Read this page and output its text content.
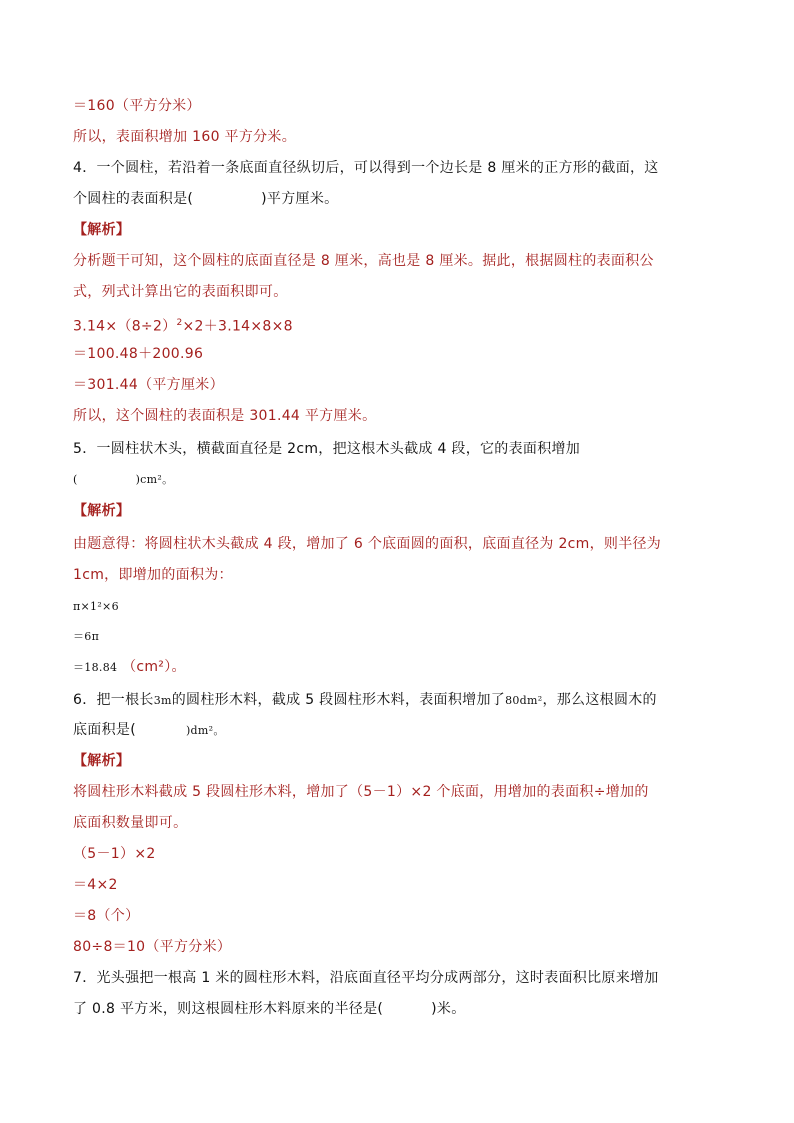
＝160（平方分米）

所以，表面积增加 160 平方分米。

4．一个圆柱，若沿着一条底面直径纵切后，可以得到一个边长是 8 厘米的正方形的截面，这

个圆柱的表面积是(	)平方厘米。

【解析】

分析题干可知，这个圆柱的底面直径是 8 厘米，高也是 8 厘米。据此，根据圆柱的表面积公

式，列式计算出它的表面积即可。

$3.14\times(8\div 2)^2\times 2+3.14\times 8\times 8$

＝100.48＋200.96

＝301.44（平方厘米）

所以，这个圆柱的表面积是 301.44 平方厘米。

5．一圆柱状木头，横截面直径是 2cm，把这根木头截成 4 段，它的表面积增加

(	)cm²。

【解析】

由题意得：将圆柱状木头截成 4 段，增加了 6 个底面圆的面积，底面直径为 2cm，则半径为

1cm，即增加的面积为：

π×1²×6

＝6π

＝18.84 （cm²）。

6．把一根长3m的圆柱形木料，截成 5 段圆柱形木料，表面积增加了80dm²，那么这根圆木的

底面积是(	)dm²。

【解析】

将圆柱形木料截成 5 段圆柱形木料，增加了（5－1）×2 个底面，用增加的表面积÷增加的

底面积数量即可。

（5－1）×2

＝4×2

＝8（个）

80÷8＝10（平方分米）

7．光头强把一根高 1 米的圆柱形木料，沿底面直径平均分成两部分，这时表面积比原来增加

了 0.8 平方米，则这根圆柱形木料原来的半径是(	)米。
